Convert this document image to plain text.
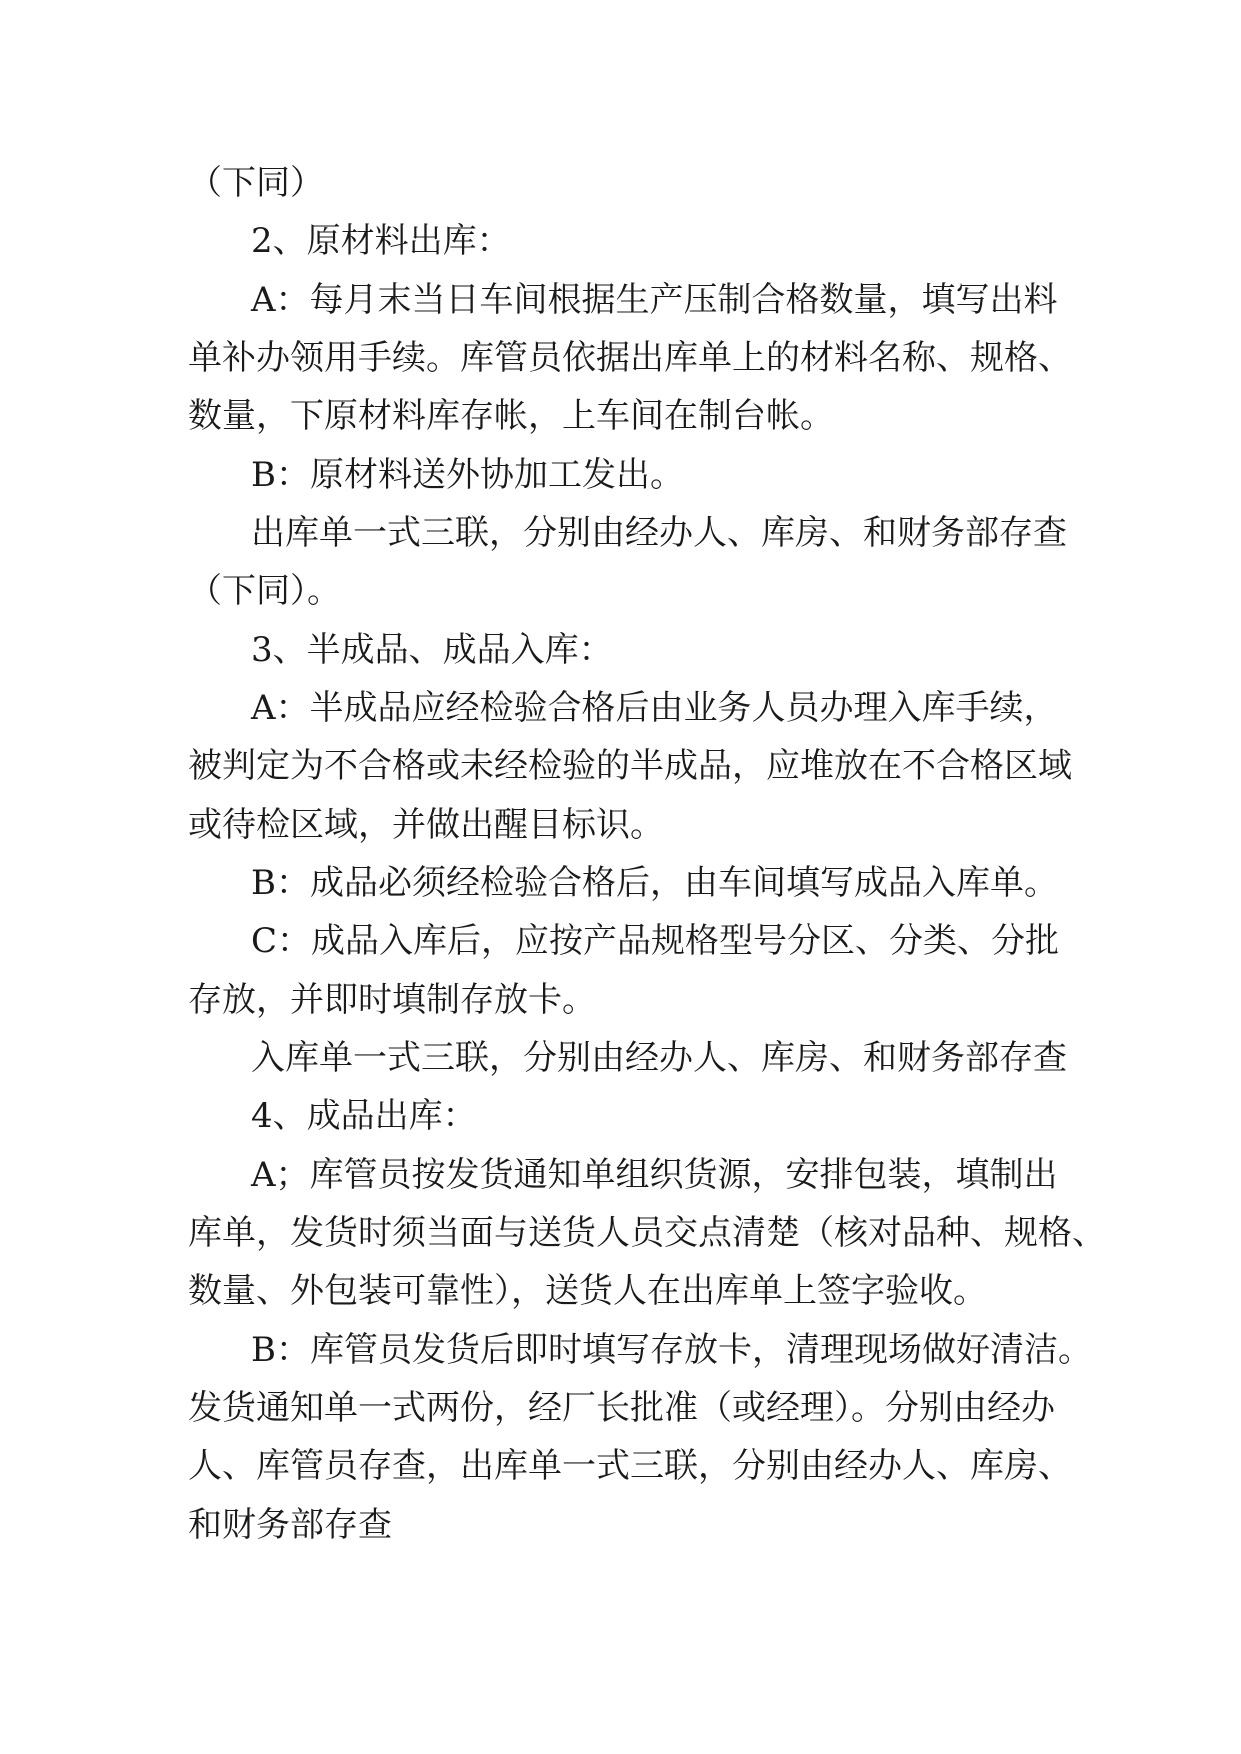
（下同）
2、原材料出库：
A：每月末当日车间根据生产压制合格数量，填写出料
单补办领用手续。库管员依据出库单上的材料名称、规格、
数量，下原材料库存帐，上车间在制台帐。
B：原材料送外协加工发出。
出库单一式三联，分别由经办人、库房、和财务部存查
（下同）。
3、半成品、成品入库：
A：半成品应经检验合格后由业务人员办理入库手续，
被判定为不合格或未经检验的半成品，应堆放在不合格区域
或待检区域，并做出醒目标识。
B：成品必须经检验合格后，由车间填写成品入库单。
C：成品入库后，应按产品规格型号分区、分类、分批
存放，并即时填制存放卡。
入库单一式三联，分别由经办人、库房、和财务部存查
4、成品出库：
A；库管员按发货通知单组织货源，安排包装，填制出
库单，发货时须当面与送货人员交点清楚（核对品种、规格、
数量、外包装可靠性），送货人在出库单上签字验收。
B：库管员发货后即时填写存放卡，清理现场做好清洁。
发货通知单一式两份，经厂长批准（或经理）。分别由经办
人、库管员存查，出库单一式三联，分别由经办人、库房、
和财务部存查
